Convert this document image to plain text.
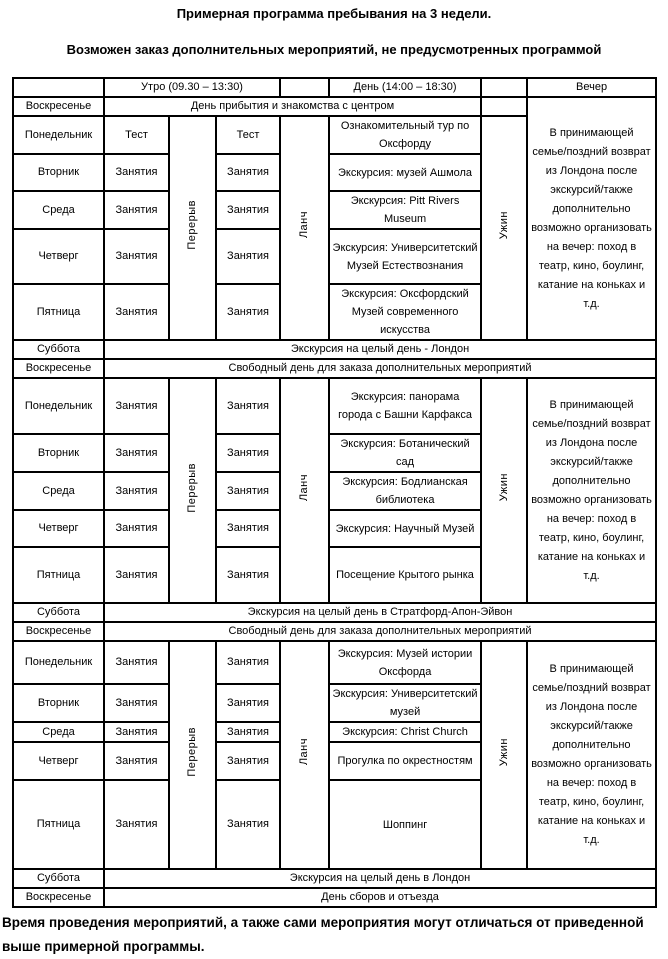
Примерная программа пребывания на 3 недели.
Возможен заказ дополнительных мероприятий, не предусмотренных программой
	Утро (09.30 – 13:30)				День (14:00 – 18:30)		Вечер
Воскресенье	День прибытия и знакомства с центром						В принимающей семье/поздний возврат из Лондона после экскурсий/также дополнительно возможно организовать на вечер: поход в театр, кино, боулинг, катание на коньках и т.д.
Понедельник	Тест	Перерыв	Тест	Ланч	Ознакомительный тур по Оксфорду	Ужин	
Вторник	Занятия		Занятия		Экскурсия: музей Ашмола		
Среда	Занятия		Занятия		Экскурсия: Pitt Rivers Museum		
Четверг	Занятия		Занятия		Экскурсия: Университетский Музей Естествознания		
Пятница	Занятия		Занятия		Экскурсия: Оксфордский Музей современного искусства		
Суббота	Экскурсия на целый день - Лондон						
Воскресенье	Свободный день для заказа дополнительных мероприятий						
Понедельник	Занятия	Перерыв	Занятия	Ланч	Экскурсия: панорама города с Башни Карфакса	Ужин	В принимающей семье/поздний возврат из Лондона после экскурсий/также дополнительно возможно организовать на вечер: поход в театр, кино, боулинг, катание на коньках и т.д.
Вторник	Занятия		Занятия		Экскурсия: Ботанический сад		
Среда	Занятия		Занятия		Экскурсия: Бодлианская библиотека		
Четверг	Занятия		Занятия		Экскурсия: Научный Музей		
Пятница	Занятия		Занятия		Посещение Крытого рынка		
Суббота	Экскурсия на целый день в Стратфорд-Апон-Эйвон						
Воскресенье	Свободный день для заказа дополнительных мероприятий						
Понедельник	Занятия	Перерыв	Занятия	Ланч	Экскурсия: Музей истории Оксфорда	Ужин	В принимающей семье/поздний возврат из Лондона после экскурсий/также дополнительно возможно организовать на вечер: поход в театр, кино, боулинг, катание на коньках и т.д.
Вторник	Занятия		Занятия		Экскурсия: Университетский музей		
Среда	Занятия		Занятия		Экскурсия: Christ Church		
Четверг	Занятия		Занятия		Прогулка по окрестностям		
Пятница	Занятия		Занятия		Шоппинг		
Суббота	Экскурсия на целый день в Лондон						
Воскресенье	День сборов и отъезда						
Время проведения мероприятий, а также сами мероприятия могут отличаться от приведенной выше примерной программы.
